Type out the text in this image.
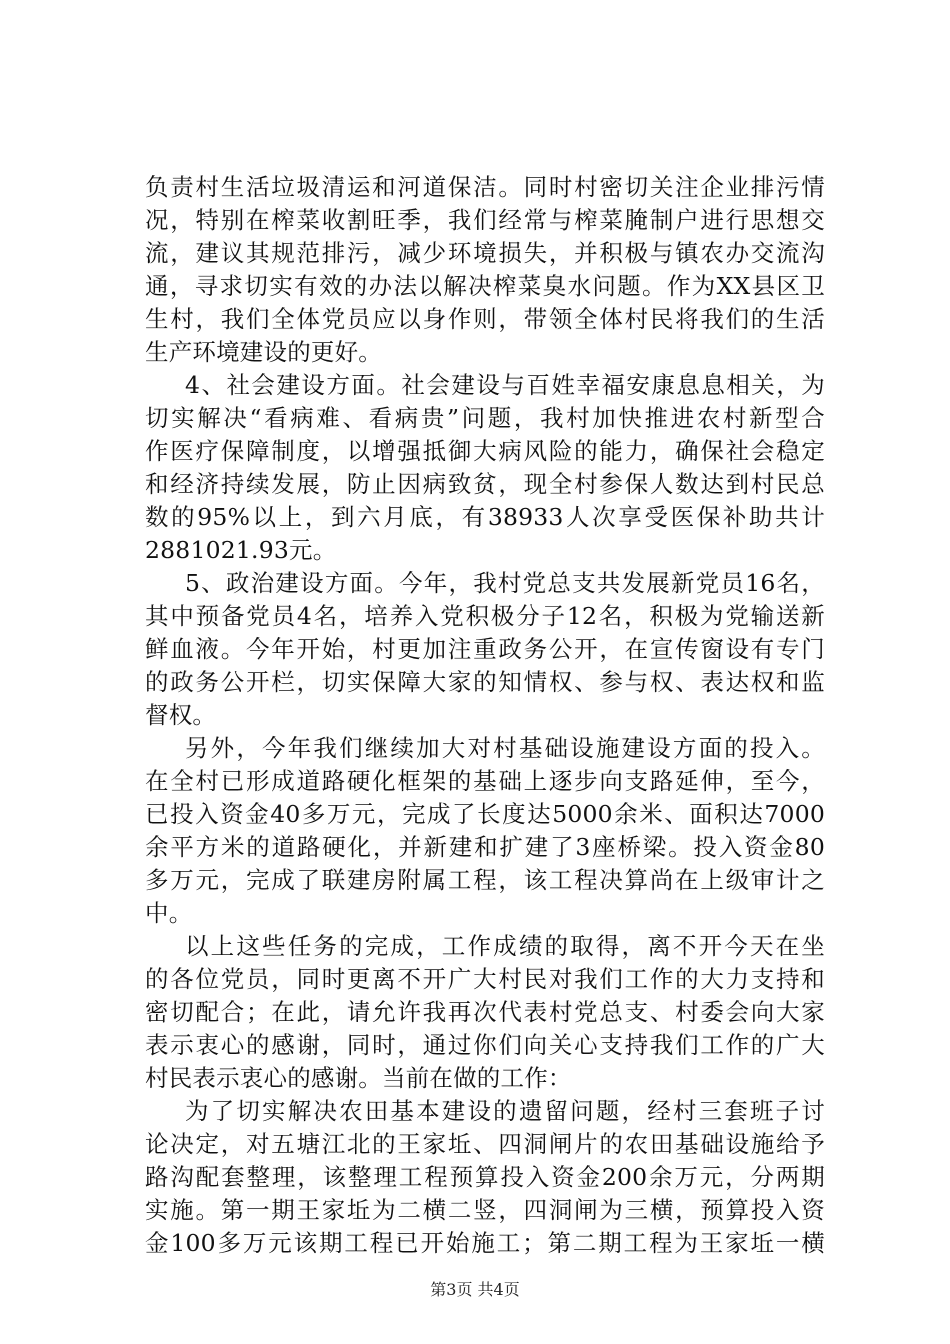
负责村生活垃圾清运和河道保洁。同时村密切关注企业排污情
况，特别在榨菜收割旺季，我们经常与榨菜腌制户进行思想交
流，建议其规范排污，减少环境损失，并积极与镇农办交流沟
通，寻求切实有效的办法以解决榨菜臭水问题。作为XX县区卫
生村，我们全体党员应以身作则，带领全体村民将我们的生活
生产环境建设的更好。
4、社会建设方面。社会建设与百姓幸福安康息息相关，为
切实解决“看病难、看病贵”问题，我村加快推进农村新型合
作医疗保障制度，以增强抵御大病风险的能力，确保社会稳定
和经济持续发展，防止因病致贫，现全村参保人数达到村民总
数的95%以上，到六月底，有38933人次享受医保补助共计
2881021.93元。
5、政治建设方面。今年，我村党总支共发展新党员16名，
其中预备党员4名，培养入党积极分子12名，积极为党输送新
鲜血液。今年开始，村更加注重政务公开，在宣传窗设有专门
的政务公开栏，切实保障大家的知情权、参与权、表达权和监
督权。
另外，今年我们继续加大对村基础设施建设方面的投入。
在全村已形成道路硬化框架的基础上逐步向支路延伸，至今，
已投入资金40多万元，完成了长度达5000余米、面积达7000
余平方米的道路硬化，并新建和扩建了3座桥梁。投入资金80
多万元，完成了联建房附属工程，该工程决算尚在上级审计之
中。
以上这些任务的完成，工作成绩的取得，离不开今天在坐
的各位党员，同时更离不开广大村民对我们工作的大力支持和
密切配合；在此，请允许我再次代表村党总支、村委会向大家
表示衷心的感谢，同时，通过你们向关心支持我们工作的广大
村民表示衷心的感谢。当前在做的工作：
为了切实解决农田基本建设的遗留问题，经村三套班子讨
论决定，对五塘江北的王家坵、四洞闸片的农田基础设施给予
路沟配套整理，该整理工程预算投入资金200余万元，分两期
实施。第一期王家坵为二横二竖，四洞闸为三横，预算投入资
金100多万元该期工程已开始施工；第二期工程为王家坵一横
第3页 共4页
